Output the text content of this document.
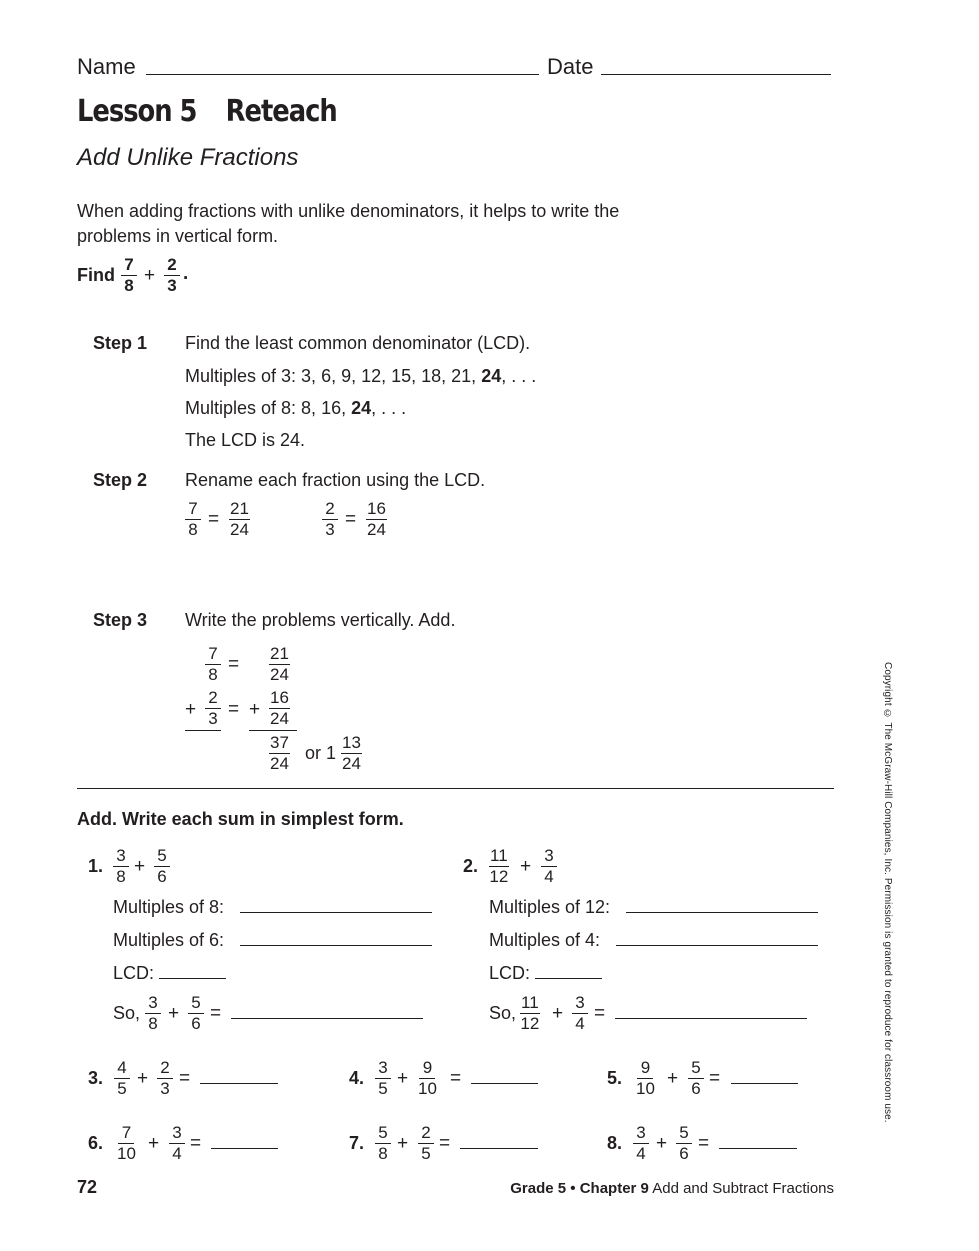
Name	Date
Lesson 5 Reteach
Add Unlike Fractions
When adding fractions with unlike denominators, it helps to write the
problems in vertical form.
Find $\frac{7}{8} + \frac{2}{3}$ .
Step 1 Find the least common denominator (LCD).
Multiples of 3: 3, 6, 9, 12, 15, 18, 21, 24, . . .
Multiples of 8: 8, 16, 24, . . .
The LCD is 24.
Step 2 Rename each fraction using the LCD.
$\frac{7}{8} = \frac{21}{24}$	$\frac{2}{3} = \frac{16}{24}$
Step 3 Write the problems vertically. Add.
$\frac{7}{8} = \frac{21}{24}$
+ $\frac{2}{3}$ = + $\frac{16}{24}$
$\frac{37}{24}$ or $1 \frac{13}{24}$
Add. Write each sum in simplest form.
1. $\frac{3}{8} + \frac{5}{6}$
Multiples of 8:
Multiples of 6:
LCD:
So, $\frac{3}{8} + \frac{5}{6}$ =
2. $\frac{11}{12} + \frac{3}{4}$
Multiples of 12:
Multiples of 4:
LCD:
So, $\frac{11}{12} + \frac{3}{4}$ =
3. $\frac{4}{5} + \frac{2}{3}$ =	4. $\frac{3}{5} + \frac{9}{10}$ =	5. $\frac{9}{10} + \frac{5}{6}$ =
6. $\frac{7}{10} + \frac{3}{4}$ =	7. $\frac{5}{8} + \frac{2}{5}$ =	8. $\frac{3}{4} + \frac{5}{6}$ =
Copyright © The McGraw-Hill Companies, Inc. Permission is granted to reproduce for classroom use.
72	Grade 5 • Chapter 9 Add and Subtract Fractions
